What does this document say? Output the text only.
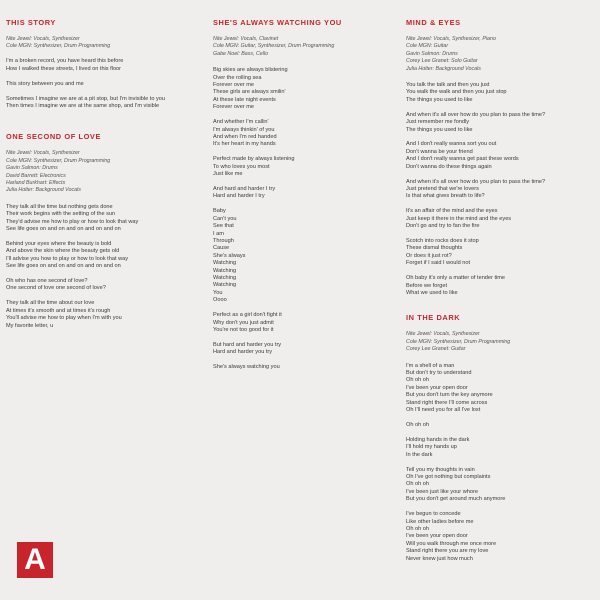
THIS STORY
Nite Jewel: Vocals, Synthesizer
Cole MGN: Synthesizer, Drum Programming
I'm a broken record, you have heard this before
How I walked these streets, I lived on this floor
This story between you and me
Sometimes I imagine we are at a pit stop, but I'm invisible to you
Then times I imagine we are at the same shop, and I'm visible
ONE SECOND OF LOVE
Nite Jewel: Vocals, Synthesizer
Cole MGN: Synthesizer, Drum Programming
Gavin Salmon: Drums
David Barrett: Electronics
Harland Burkhart: Effects
Julia Holter: Background Vocals
They talk all the time but nothing gets done
Their work begins with the setting of the sun
They'd advise me how to play or how to look that way
See life goes on and on and on and on and on
Behind your eyes where the beauty is bold
And above the skin where the beauty gets old
I'll advise you how to play or how to look that way
See life goes on and on and on and on and on
Oh who has one second of love?
One second of love one second of love?
They talk all the time about our love
At times it's smooth and at times it's rough
You'll advise me how to play when I'm with you
My favorite letter, u
SHE'S ALWAYS WATCHING YOU
Nite Jewel: Vocals, Clavinet
Cole MGN: Guitar, Synthesizer, Drum Programming
Gabe Noel: Bass, Cello
Big skies are always blistering
Over the rolling sea
Forever over me
These girls are always smilin'
At these late night events
Forever over me
And whether I'm callin'
I'm always thinkin' of you
And when I'm red handed
It's her heart in my hands
Perfect made by always listening
To who loves you most
Just like me
And hard and harder I try
Hard and harder I try
Baby
Can't you
See that
I am
Through
Cause
She's always
Watching
Watching
Watching
Watching
You
Oooo
Perfect as a girl don't fight it
Why don't you just admit
You're not too good for it
But hard and harder you try
Hard and harder you try
She's always watching you
MIND & EYES
Nite Jewel: Vocals, Synthesizer, Piano
Cole MGN: Guitar
Gavin Salmon: Drums
Corey Lee Granet: Solo Guitar
Julia Holter: Background Vocals
You talk the talk and then you just
You walk the walk and then you just stop
The things you used to like
And when it's all over how do you plan to pass the time?
Just remember me fondly
The things you used to like
And I don't really wanna sort you out
Don't wanna be your friend
And I don't really wanna get past these words
Don't wanna do these things again
And when it's all over how do you plan to pass the time?
Just pretend that we're lovers
Is that what gives breath to life?
It's an affair of the mind and the eyes
Just keep it there in the mind and the eyes
Don't go and try to fan the fire
Scotch into rocks does it stop
These dismal thoughts
Or does it just rot?
Forget if I said I would not
Oh baby it's only a matter of tender time
Before we forget
What we used to like
IN THE DARK
Nite Jewel: Vocals, Synthesizer
Cole MGN: Synthesizer, Drum Programming
Corey Lee Granet: Guitar
I'm a shell of a man
But don't try to understand
Oh oh oh
I've been your open door
But you don't turn the key anymore
Stand right there I'll come across
Oh I'll need you for all I've lost
Oh oh oh
Holding hands in the dark
I'll hold my hands up
In the dark
Tell you my thoughts in vain
Oh I've got nothing but complaints
Oh oh oh
I've been just like your whore
But you don't get around much anymore
I've begun to concede
Like other ladies before me
Oh oh oh
I've been your open door
Will you walk through me once more
Stand right there you are my love
Never knew just how much
A
